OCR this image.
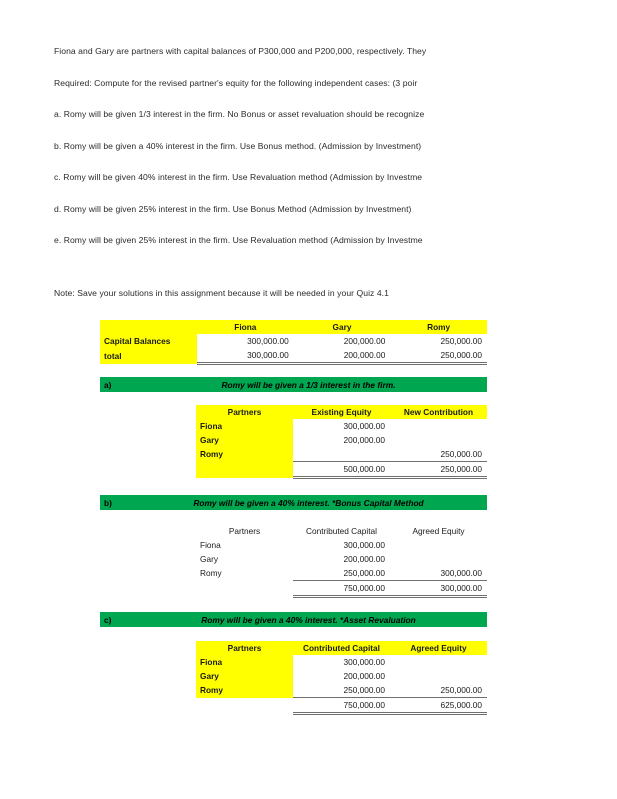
Fiona and Gary are partners with capital balances of P300,000 and P200,000, respectively. They
Required: Compute for the revised partner's equity for the following independent cases: (3 poir
a. Romy will be given 1/3 interest in the firm. No Bonus or asset revaluation should be recognize
b. Romy will be given a 40% interest in the firm. Use Bonus method. (Admission by Investment)
c. Romy will be given 40% interest in the firm. Use Revaluation method (Admission by Investme
d. Romy will be given 25% interest in the firm. Use Bonus Method (Admission by Investment)
e. Romy will be given 25% interest in the firm. Use Revaluation method (Admission by Investme
Note: Save your solutions in this assignment because it will be needed in your Quiz 4.1
	Fiona	Gary	Romy
Capital Balances	300,000.00	200,000.00	250,000.00
total	300,000.00	200,000.00	250,000.00
a)	Romy will be given a 1/3 interest in the firm.
Partners	Existing Equity	New Contribution
Fiona	300,000.00	
Gary	200,000.00	
Romy		250,000.00
	500,000.00	250,000.00
b)	Romy will be given a 40% interest. *Bonus Capital Method
Partners	Contributed Capital	Agreed Equity
Fiona	300,000.00	
Gary	200,000.00	
Romy	250,000.00	300,000.00
	750,000.00	300,000.00
c)	Romy will be given a 40% interest. *Asset Revaluation
Partners	Contributed Capital	Agreed Equity
Fiona	300,000.00	
Gary	200,000.00	
Romy	250,000.00	250,000.00
	750,000.00	625,000.00
